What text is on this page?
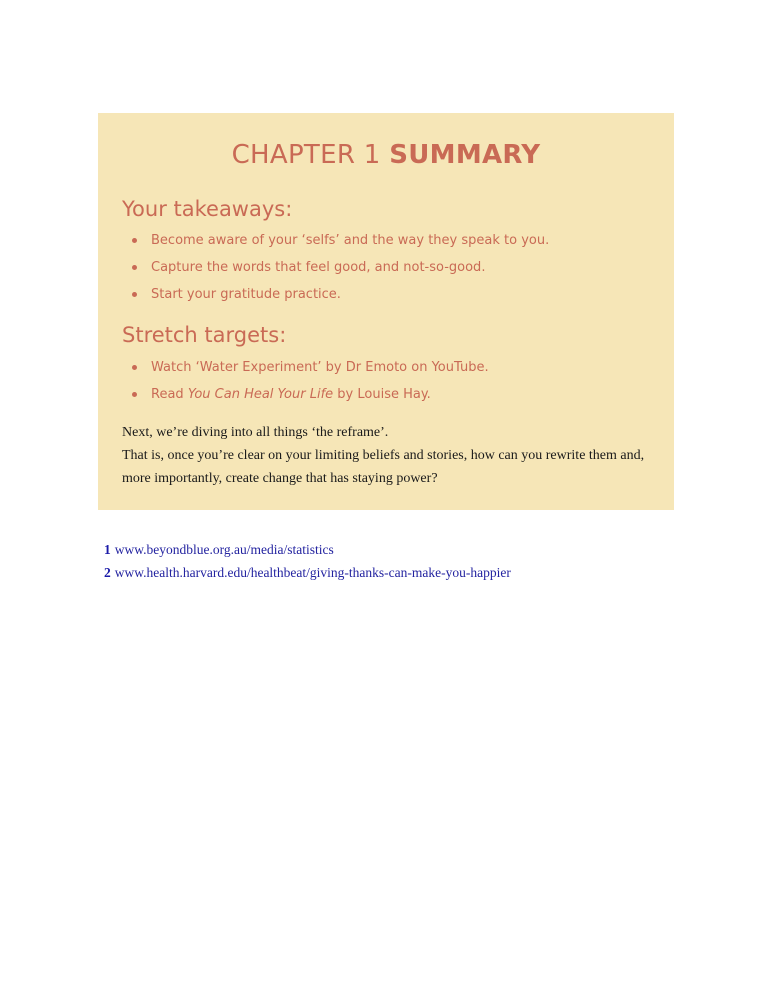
CHAPTER 1 SUMMARY
Your takeaways:
Become aware of your ‘selfs’ and the way they speak to you.
Capture the words that feel good, and not-so-good.
Start your gratitude practice.
Stretch targets:
Watch ‘Water Experiment’ by Dr Emoto on YouTube.
Read You Can Heal Your Life by Louise Hay.
Next, we’re diving into all things ‘the reframe’.
That is, once you’re clear on your limiting beliefs and stories, how can you rewrite them and,
more importantly, create change that has staying power?
1 www.beyondblue.org.au/media/statistics
2 www.health.harvard.edu/healthbeat/giving-thanks-can-make-you-happier
